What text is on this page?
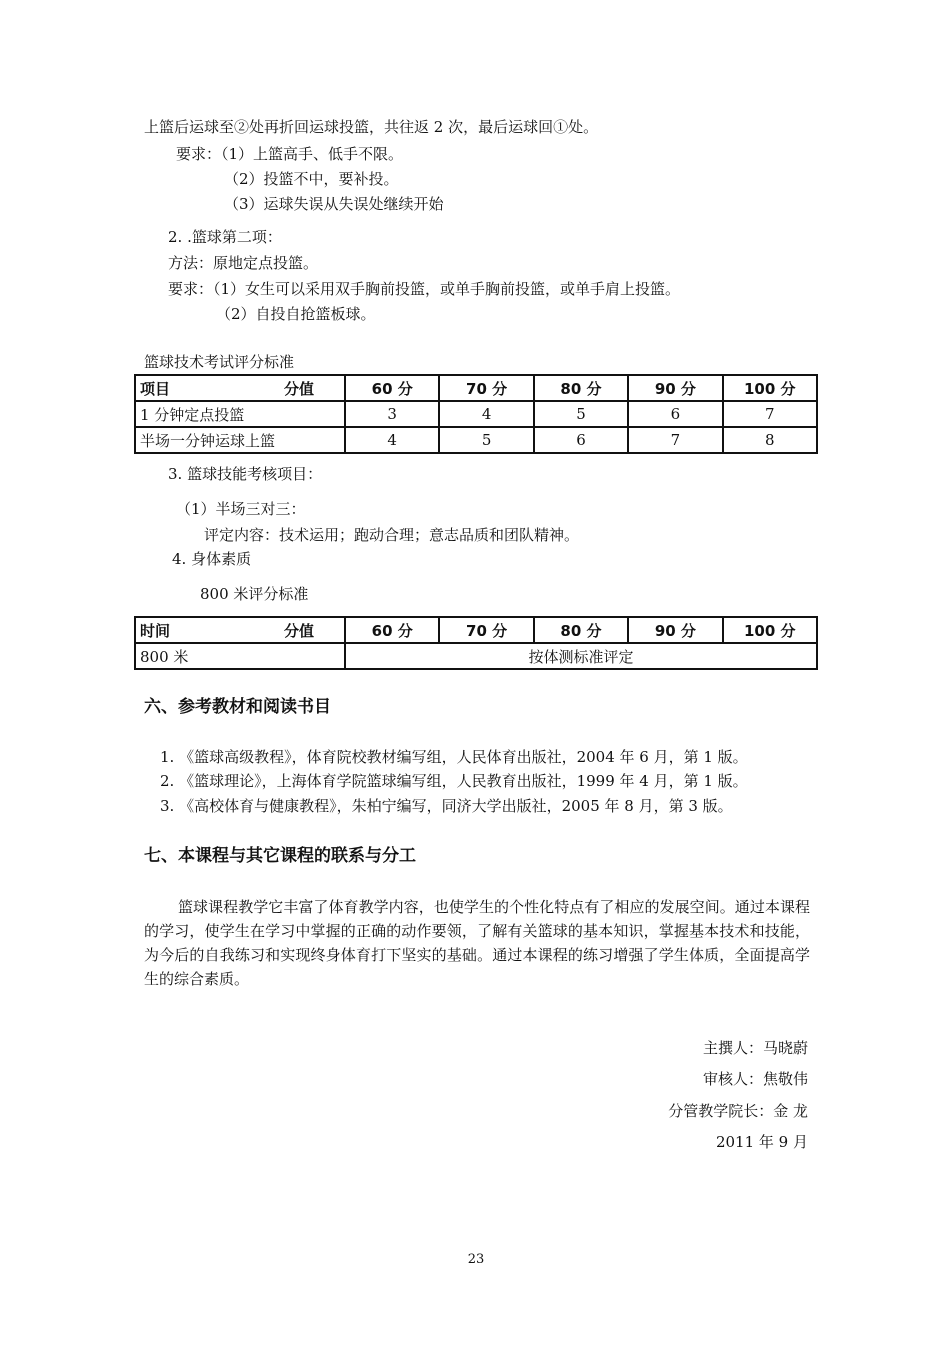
上篮后运球至②处再折回运球投篮，共往返 2 次，最后运球回①处。
要求：（1）上篮高手、低手不限。
（2）投篮不中，要补投。
（3）运球失误从失误处继续开始
2. .篮球第二项：
方法：原地定点投篮。
要求：（1）女生可以采用双手胸前投篮，或单手胸前投篮，或单手肩上投篮。
（2）自投自抢篮板球。
篮球技术考试评分标准
项目 分值	60 分	70 分	80 分	90 分	100 分
1 分钟定点投篮	3	4	5	6	7
半场一分钟运球上篮	4	5	6	7	8
3. 篮球技能考核项目：
（1）半场三对三：
评定内容：技术运用；跑动合理；意志品质和团队精神。
4. 身体素质
800 米评分标准
时间 分值	60 分	70 分	80 分	90 分	100 分
800 米	按体测标准评定				
六、参考教材和阅读书目
1. 《篮球高级教程》，体育院校教材编写组，人民体育出版社，2004 年 6 月，第 1 版。
2. 《篮球理论》，上海体育学院篮球编写组，人民教育出版社，1999 年 4 月，第 1 版。
3. 《高校体育与健康教程》，朱柏宁编写，同济大学出版社，2005 年 8 月，第 3 版。
七、本课程与其它课程的联系与分工
篮球课程教学它丰富了体育教学内容，也使学生的个性化特点有了相应的发展空间。通过本课程的学习，使学生在学习中掌握的正确的动作要领，了解有关篮球的基本知识，掌握基本技术和技能，为今后的自我练习和实现终身体育打下坚实的基础。通过本课程的练习增强了学生体质，全面提高学生的综合素质。
主撰人：马晓蔚
审核人：焦敬伟
分管教学院长：金 龙
2011 年 9 月
23
